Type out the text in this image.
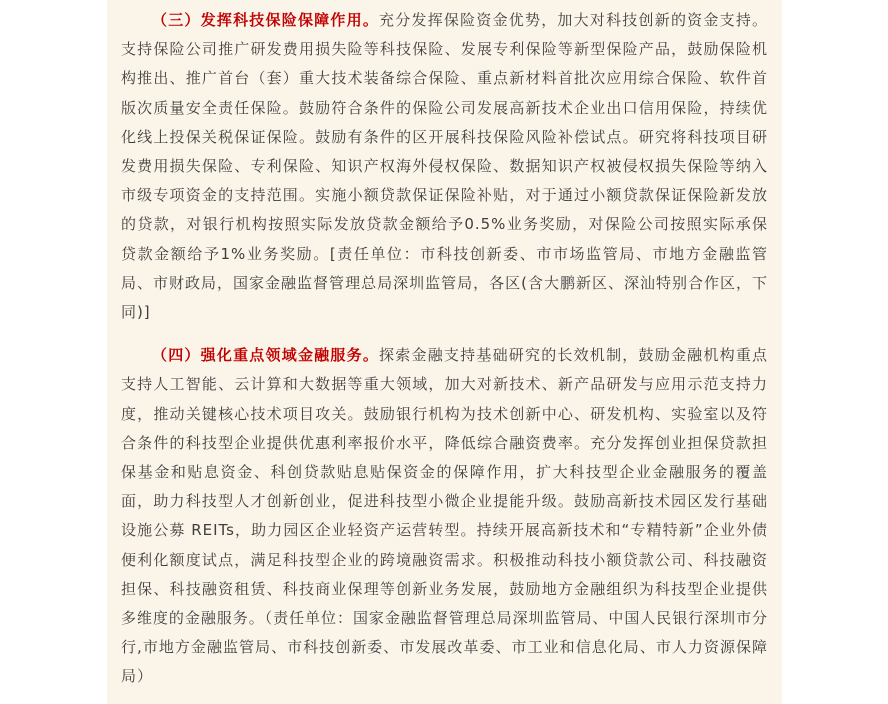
（三）发挥科技保险保障作用。充分发挥保险资金优势，加大对科技创新的资金支持。支持保险公司推广研发费用损失险等科技保险、发展专利保险等新型保险产品，鼓励保险机构推出、推广首台（套）重大技术装备综合保险、重点新材料首批次应用综合保险、软件首版次质量安全责任保险。鼓励符合条件的保险公司发展高新技术企业出口信用保险，持续优化线上投保关税保证保险。鼓励有条件的区开展科技保险风险补偿试点。研究将科技项目研发费用损失保险、专利保险、知识产权海外侵权保险、数据知识产权被侵权损失保险等纳入市级专项资金的支持范围。实施小额贷款保证保险补贴，对于通过小额贷款保证保险新发放的贷款，对银行机构按照实际发放贷款金额给予0.5%业务奖励，对保险公司按照实际承保贷款金额给予1%业务奖励。[责任单位：市科技创新委、市市场监管局、市地方金融监管局、市财政局，国家金融监督管理总局深圳监管局，各区(含大鹏新区、深汕特别合作区，下同)]

（四）强化重点领域金融服务。探索金融支持基础研究的长效机制，鼓励金融机构重点支持人工智能、云计算和大数据等重大领域，加大对新技术、新产品研发与应用示范支持力度，推动关键核心技术项目攻关。鼓励银行机构为技术创新中心、研发机构、实验室以及符合条件的科技型企业提供优惠利率报价水平，降低综合融资费率。充分发挥创业担保贷款担保基金和贴息资金、科创贷款贴息贴保资金的保障作用，扩大科技型企业金融服务的覆盖面，助力科技型人才创新创业，促进科技型小微企业提能升级。鼓励高新技术园区发行基础设施公募 REITs，助力园区企业轻资产运营转型。持续开展高新技术和“专精特新”企业外债便利化额度试点，满足科技型企业的跨境融资需求。积极推动科技小额贷款公司、科技融资担保、科技融资租赁、科技商业保理等创新业务发展，鼓励地方金融组织为科技型企业提供多维度的金融服务。（责任单位：国家金融监督管理总局深圳监管局、中国人民银行深圳市分行,市地方金融监管局、市科技创新委、市发展改革委、市工业和信息化局、市人力资源保障局）
